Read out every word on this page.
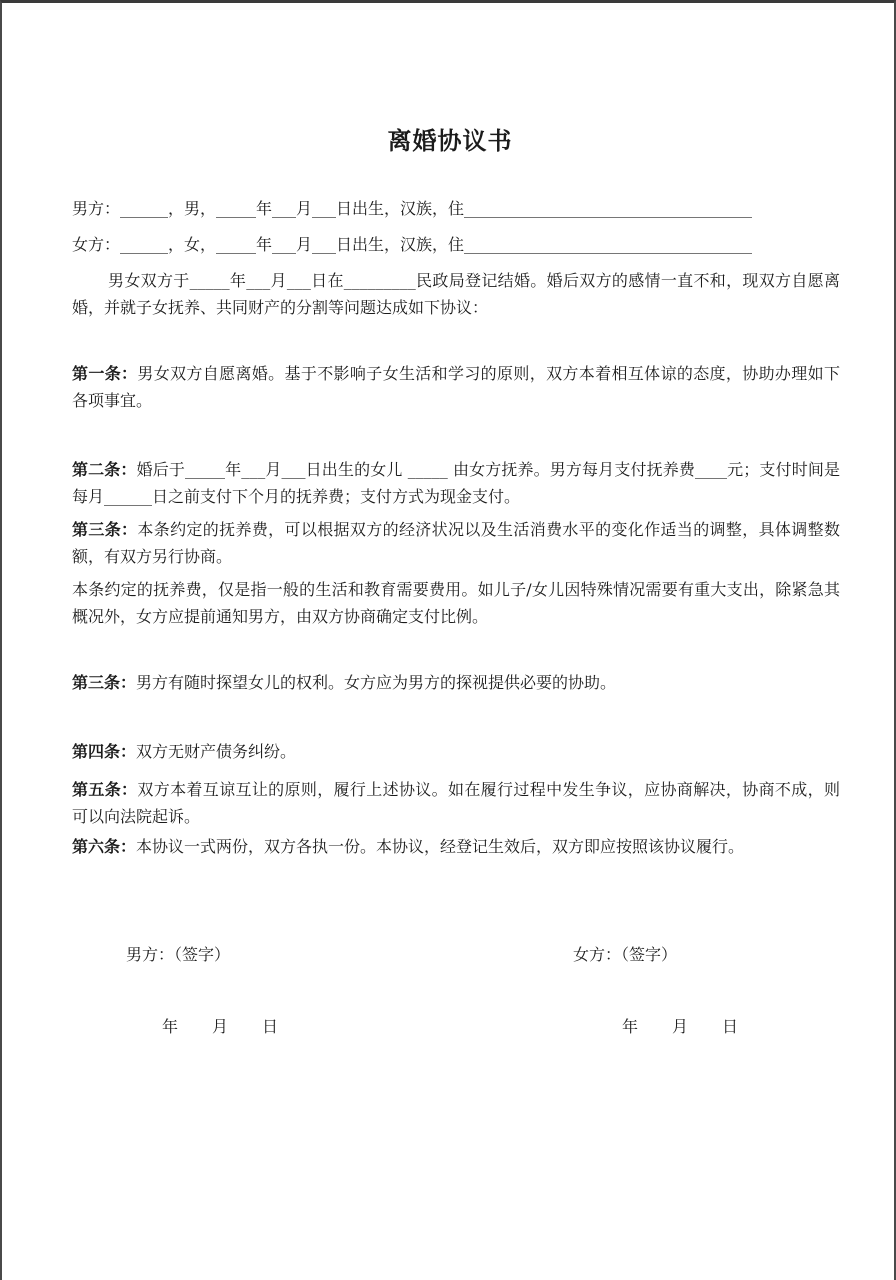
离婚协议书
男方：______，男，_____年___月___日出生，汉族，住____________________________________
女方：______，女，_____年___月___日出生，汉族，住____________________________________
男女双方于_____年___月___日在_________民政局登记结婚。婚后双方的感情一直不和，现双方自愿离婚，并就子女抚养、共同财产的分割等问题达成如下协议：
第一条：男女双方自愿离婚。基于不影响子女生活和学习的原则，双方本着相互体谅的态度，协助办理如下各项事宜。
第二条：婚后于_____年___月___日出生的女儿 _____ 由女方抚养。男方每月支付抚养费____元；支付时间是每月______日之前支付下个月的抚养费；支付方式为现金支付。
第三条：本条约定的抚养费，可以根据双方的经济状况以及生活消费水平的变化作适当的调整，具体调整数额，有双方另行协商。
本条约定的抚养费，仅是指一般的生活和教育需要费用。如儿子/女儿因特殊情况需要有重大支出，除紧急其概况外，女方应提前通知男方，由双方协商确定支付比例。
第三条：男方有随时探望女儿的权利。女方应为男方的探视提供必要的协助。
第四条：双方无财产债务纠纷。
第五条：双方本着互谅互让的原则，履行上述协议。如在履行过程中发生争议，应协商解决，协商不成，则可以向法院起诉。
第六条：本协议一式两份，双方各执一份。本协议，经登记生效后，双方即应按照该协议履行。
男方：（签字）	女方：（签字）
年 月 日	年 月 日
